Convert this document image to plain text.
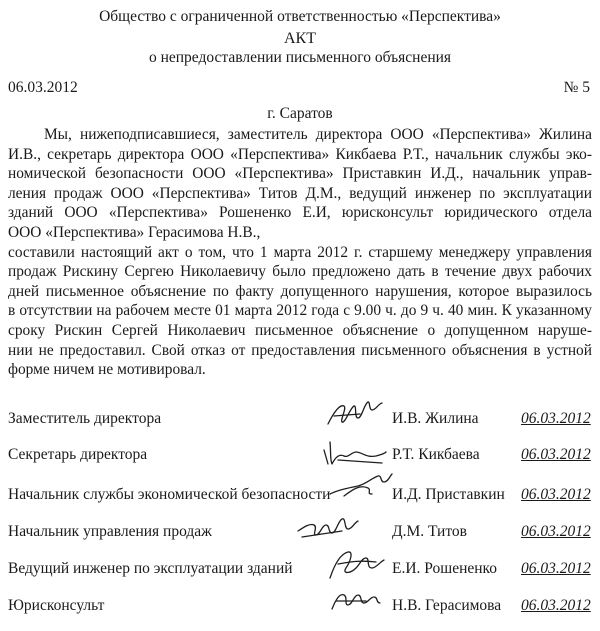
Общество с ограниченной ответственностью «Перспектива»
АКТ
о непредоставлении письменного объяснения
06.03.2012	№ 5
г. Саратов
Мы, нижеподписавшиеся, заместитель директора ООО «Перспектива» Жилина
И.В., секретарь директора ООО «Перспектива» Кикбаева Р.Т., начальник службы эко-
номической безопасности ООО «Перспектива» Приставкин И.Д., начальник управ-
ления продаж ООО «Перспектива» Титов Д.М., ведущий инженер по эксплуатации
зданий ООО «Перспектива» Рошененко Е.И, юрисконсульт юридического отдела
ООО «Перспектива» Герасимова Н.В.,
составили настоящий акт о том, что 1 марта 2012 г. старшему менеджеру управления
продаж Рискину Сергею Николаевичу было предложено дать в течение двух рабочих
дней письменное объяснение по факту допущенного нарушения, которое выразилось
в отсутствии на рабочем месте 01 марта 2012 года с 9.00 ч. до 9 ч. 40 мин. К указанному
сроку Рискин Сергей Николаевич письменное объяснение о допущенном наруше-
нии не предоставил. Свой отказ от предоставления письменного объяснения в устной
форме ничем не мотивировал.
Заместитель директора	И.В. Жилина	06.03.2012
Секретарь директора	Р.Т. Кикбаева	06.03.2012
Начальник службы экономической безопасности	И.Д. Приставкин 06.03.2012
Начальник управления продаж	Д.М. Титов	06.03.2012
Ведущий инженер по эксплуатации зданий	Е.И. Рошененко 06.03.2012
Юрисконсульт	Н.В. Герасимова 06.03.2012
